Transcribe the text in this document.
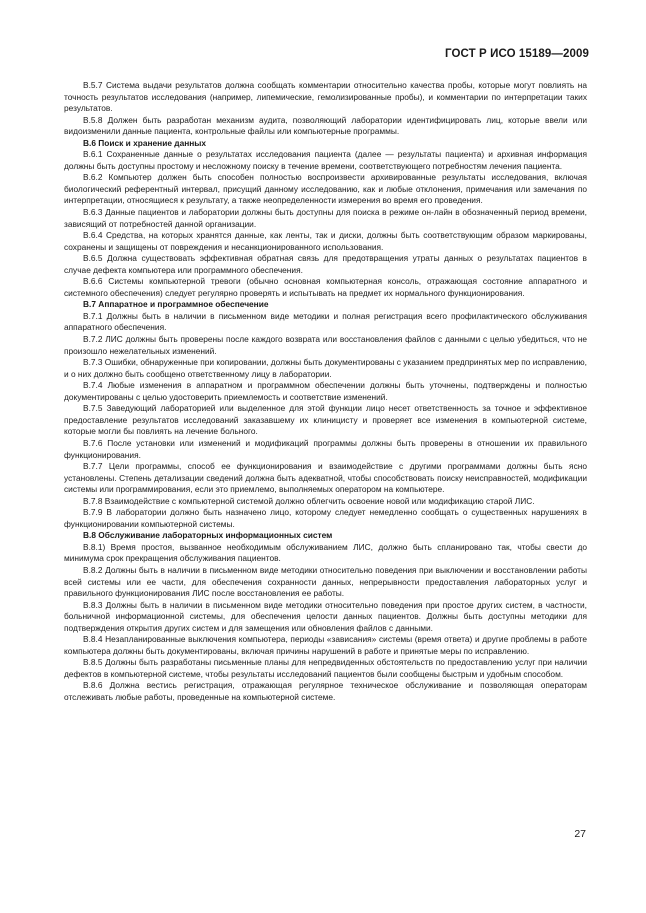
ГОСТ Р ИСО 15189—2009

В.5.7 Система выдачи результатов должна сообщать комментарии относительно качества пробы, которые могут повлиять на точность результатов исследования (например, липемические, гемолизированные пробы), и комментарии по интерпретации таких результатов.

В.5.8 Должен быть разработан механизм аудита, позволяющий лаборатории идентифицировать лиц, которые ввели или видоизменили данные пациента, контрольные файлы или компьютерные программы.

В.6 Поиск и хранение данных

В.6.1 Сохраненные данные о результатах исследования пациента (далее — результаты пациента) и архивная информация должны быть доступны простому и несложному поиску в течение времени, соответствующего потребностям лечения пациента.

В.6.2 Компьютер должен быть способен полностью воспроизвести архивированные результаты исследования, включая биологический референтный интервал, присущий данному исследованию, как и любые отклонения, примечания или замечания по интерпретации, относящиеся к результату, а также неопределенности измерения во время его проведения.

В.6.3 Данные пациентов и лаборатории должны быть доступны для поиска в режиме он-лайн в обозначенный период времени, зависящий от потребностей данной организации.

В.6.4 Средства, на которых хранятся данные, как ленты, так и диски, должны быть соответствующим образом маркированы, сохранены и защищены от повреждения и несанкционированного использования.

В.6.5 Должна существовать эффективная обратная связь для предотвращения утраты данных о результатах пациентов в случае дефекта компьютера или программного обеспечения.

В.6.6 Системы компьютерной тревоги (обычно основная компьютерная консоль, отражающая состояние аппаратного и системного обеспечения) следует регулярно проверять и испытывать на предмет их нормального функционирования.

В.7 Аппаратное и программное обеспечение

В.7.1 Должны быть в наличии в письменном виде методики и полная регистрация всего профилактического обслуживания аппаратного обеспечения.

В.7.2 ЛИС должны быть проверены после каждого возврата или восстановления файлов с данными с целью убедиться, что не произошло нежелательных изменений.

В.7.3 Ошибки, обнаруженные при копировании, должны быть документированы с указанием предпринятых мер по исправлению, и о них должно быть сообщено ответственному лицу в лаборатории.

В.7.4 Любые изменения в аппаратном и программном обеспечении должны быть уточнены, подтверждены и полностью документированы с целью удостоверить приемлемость и соответствие изменений.

В.7.5 Заведующий лабораторией или выделенное для этой функции лицо несет ответственность за точное и эффективное предоставление результатов исследований заказавшему их клиницисту и проверяет все изменения в компьютерной системе, которые могли бы повлиять на лечение больного.

В.7.6 После установки или изменений и модификаций программы должны быть проверены в отношении их правильного функционирования.

В.7.7 Цели программы, способ ее функционирования и взаимодействие с другими программами должны быть ясно установлены. Степень детализации сведений должна быть адекватной, чтобы способствовать поиску неисправностей, модификации системы или программирования, если это приемлемо, выполняемых оператором на компьютере.

В.7.8 Взаимодействие с компьютерной системой должно облегчить освоение новой или модификацию старой ЛИС.

В.7.9 В лаборатории должно быть назначено лицо, которому следует немедленно сообщать о существенных нарушениях в функционировании компьютерной системы.

В.8 Обслуживание лабораторных информационных систем

В.8.1) Время простоя, вызванное необходимым обслуживанием ЛИС, должно быть спланировано так, чтобы свести до минимума срок прекращения обслуживания пациентов.

В.8.2 Должны быть в наличии в письменном виде методики относительно поведения при выключении и восстановлении работы всей системы или ее части, для обеспечения сохранности данных, непрерывности предоставления лабораторных услуг и правильного функционирования ЛИС после восстановления ее работы.

В.8.3 Должны быть в наличии в письменном виде методики относительно поведения при простое других систем, в частности, больничной информационной системы, для обеспечения целости данных пациентов. Должны быть доступны методики для подтверждения открытия других систем и для замещения или обновления файлов с данными.

В.8.4 Незапланированные выключения компьютера, периоды «зависания» системы (время ответа) и другие проблемы в работе компьютера должны быть документированы, включая причины нарушений в работе и принятые меры по исправлению.

В.8.5 Должны быть разработаны письменные планы для непредвиденных обстоятельств по предоставлению услуг при наличии дефектов в компьютерной системе, чтобы результаты исследований пациентов были сообщены быстрым и удобным способом.

В.8.6 Должна вестись регистрация, отражающая регулярное техническое обслуживание и позволяющая операторам отслеживать любые работы, проведенные на компьютерной системе.

27
